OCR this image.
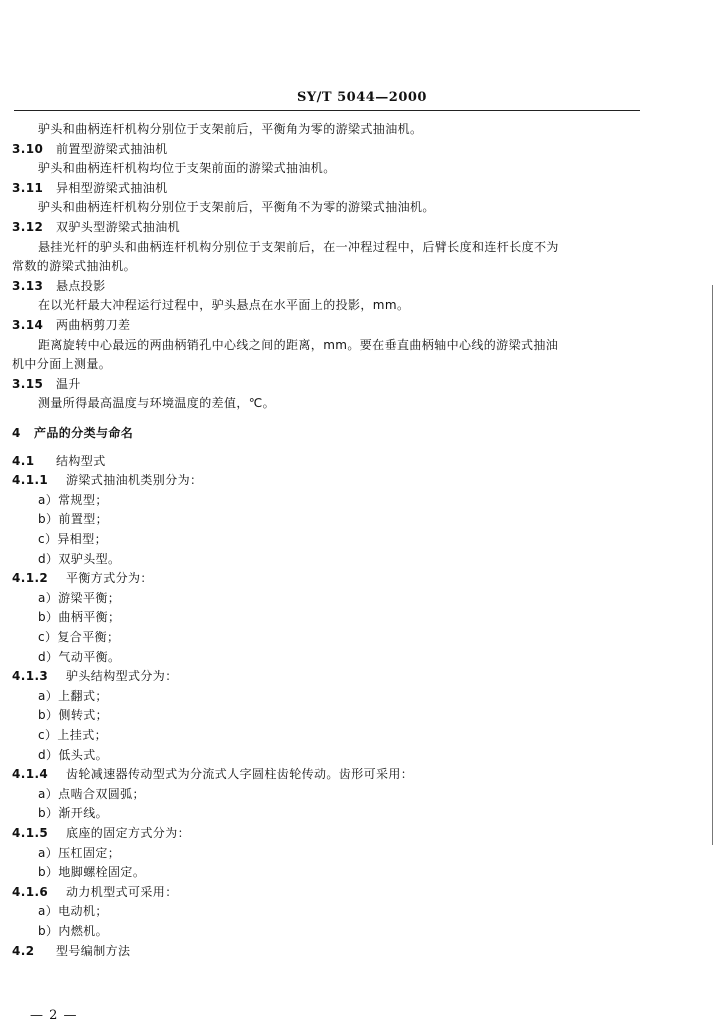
SY/T 5044—2000
驴头和曲柄连杆机构分别位于支架前后，平衡角为零的游梁式抽油机。
3.10 前置型游梁式抽油机
驴头和曲柄连杆机构均位于支架前面的游梁式抽油机。
3.11 异相型游梁式抽油机
驴头和曲柄连杆机构分别位于支架前后，平衡角不为零的游梁式抽油机。
3.12 双驴头型游梁式抽油机
悬挂光杆的驴头和曲柄连杆机构分别位于支架前后，在一冲程过程中，后臂长度和连杆长度不为
常数的游梁式抽油机。
3.13 悬点投影
在以光杆最大冲程运行过程中，驴头悬点在水平面上的投影，mm。
3.14 两曲柄剪刀差
距离旋转中心最远的两曲柄销孔中心线之间的距离，mm。要在垂直曲柄轴中心线的游梁式抽油
机中分面上测量。
3.15 温升
测量所得最高温度与环境温度的差值，℃。
4 产品的分类与命名
4.1 结构型式
4.1.1 游梁式抽油机类别分为：
a）常规型；
b）前置型；
c）异相型；
d）双驴头型。
4.1.2 平衡方式分为：
a）游梁平衡；
b）曲柄平衡；
c）复合平衡；
d）气动平衡。
4.1.3 驴头结构型式分为：
a）上翻式；
b）侧转式；
c）上挂式；
d）低头式。
4.1.4 齿轮减速器传动型式为分流式人字圆柱齿轮传动。齿形可采用：
a）点啮合双圆弧；
b）渐开线。
4.1.5 底座的固定方式分为：
a）压杠固定；
b）地脚螺栓固定。
4.1.6 动力机型式可采用：
a）电动机；
b）内燃机。
4.2 型号编制方法
— 2 —
